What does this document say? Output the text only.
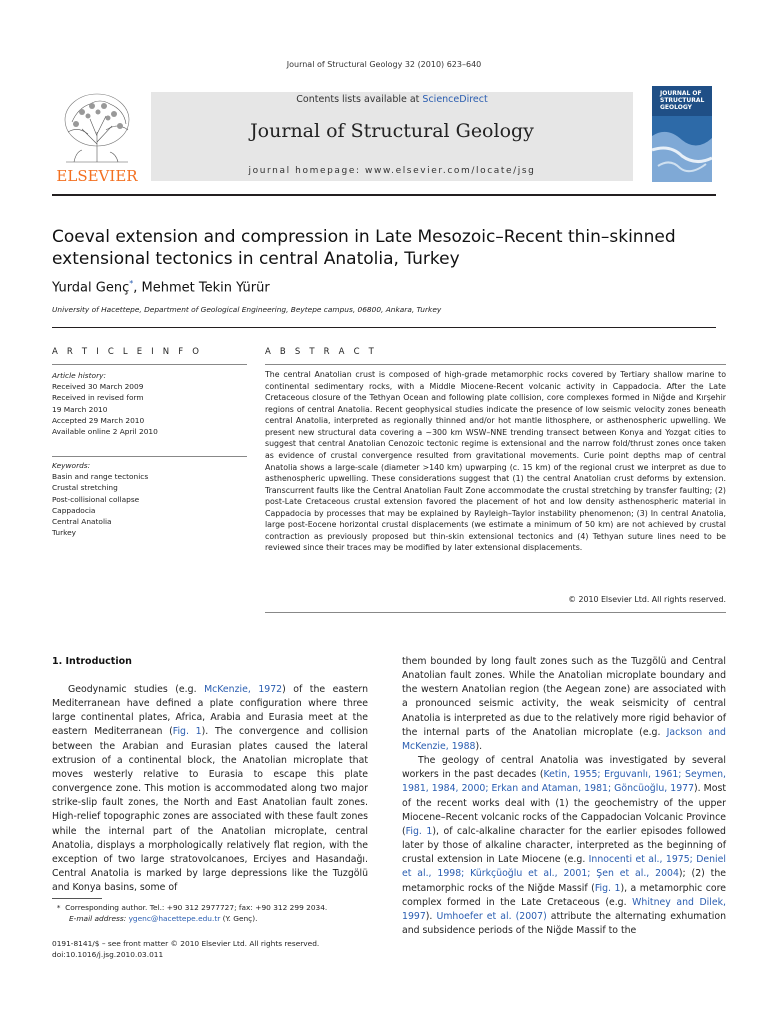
Journal of Structural Geology 32 (2010) 623–640
ELSEVIER
Contents lists available at ScienceDirect
Journal of Structural Geology
journal homepage: www.elsevier.com/locate/jsg
JOURNAL OF STRUCTURAL GEOLOGY
Coeval extension and compression in Late Mesozoic–Recent thin–skinned extensional tectonics in central Anatolia, Turkey
Yurdal Genç*, Mehmet Tekin Yürür
University of Hacettepe, Department of Geological Engineering, Beytepe campus, 06800, Ankara, Turkey
A R T I C L E I N F O
Article history:
Received 30 March 2009
Received in revised form
19 March 2010
Accepted 29 March 2010
Available online 2 April 2010
Keywords:
Basin and range tectonics
Crustal stretching
Post-collisional collapse
Cappadocia
Central Anatolia
Turkey
A B S T R A C T
The central Anatolian crust is composed of high-grade metamorphic rocks covered by Tertiary shallow marine to continental sedimentary rocks, with a Middle Miocene-Recent volcanic activity in Cappadocia. After the Late Cretaceous closure of the Tethyan Ocean and following plate collision, core complexes formed in Niğde and Kırşehir regions of central Anatolia. Recent geophysical studies indicate the presence of low seismic velocity zones beneath central Anatolia, interpreted as regionally thinned and/or hot mantle lithosphere, or asthenospheric upwelling. We present new structural data covering a ~300 km WSW–NNE trending transect between Konya and Yozgat cities to suggest that central Anatolian Cenozoic tectonic regime is extensional and the narrow fold/thrust zones once taken as evidence of crustal convergence resulted from gravitational movements. Curie point depths map of central Anatolia shows a large-scale (diameter >140 km) upwarping (c. 15 km) of the regional crust we interpret as due to asthenospheric upwelling. These considerations suggest that (1) the central Anatolian crust deforms by extension. Transcurrent faults like the Central Anatolian Fault Zone accommodate the crustal stretching by transfer faulting; (2) post-Late Cretaceous crustal extension favored the placement of hot and low density asthenospheric material in Cappadocia by processes that may be explained by Rayleigh–Taylor instability phenomenon; (3) In central Anatolia, large post-Eocene horizontal crustal displacements (we estimate a minimum of 50 km) are not achieved by crustal contraction as previously proposed but thin-skin extensional tectonics and (4) Tethyan suture lines need to be reviewed since their traces may be modified by later extensional displacements.
© 2010 Elsevier Ltd. All rights reserved.
1. Introduction
Geodynamic studies (e.g. McKenzie, 1972) of the eastern Mediterranean have defined a plate configuration where three large continental plates, Africa, Arabia and Eurasia meet at the eastern Mediterranean (Fig. 1). The convergence and collision between the Arabian and Eurasian plates caused the lateral extrusion of a continental block, the Anatolian microplate that moves westerly relative to Eurasia to escape this plate convergence zone. This motion is accommodated along two major strike-slip fault zones, the North and East Anatolian fault zones. High-relief topographic zones are associated with these fault zones while the internal part of the Anatolian microplate, central Anatolia, displays a morphologically relatively flat region, with the exception of two large stratovolcanoes, Erciyes and Hasandağı. Central Anatolia is marked by large depressions like the Tuzgölü and Konya basins, some of

them bounded by long fault zones such as the Tuzgölü and Central Anatolian fault zones. While the Anatolian microplate boundary and the western Anatolian region (the Aegean zone) are associated with a pronounced seismic activity, the weak seismicity of central Anatolia is interpreted as due to the relatively more rigid behavior of the internal parts of the Anatolian microplate (e.g. Jackson and McKenzie, 1988).

The geology of central Anatolia was investigated by several workers in the past decades (Ketin, 1955; Erguvanlı, 1961; Seymen, 1981, 1984, 2000; Erkan and Ataman, 1981; Göncüoğlu, 1977). Most of the recent works deal with (1) the geochemistry of the upper Miocene–Recent volcanic rocks of the Cappadocian Volcanic Province (Fig. 1), of calc-alkaline character for the earlier episodes followed later by those of alkaline character, interpreted as the beginning of crustal extension in Late Miocene (e.g. Innocenti et al., 1975; Deniel et al., 1998; Kürkçüoğlu et al., 2001; Şen et al., 2004); (2) the metamorphic rocks of the Niğde Massif (Fig. 1), a metamorphic core complex formed in the Late Cretaceous (e.g. Whitney and Dilek, 1997). Umhoefer et al. (2007) attribute the alternating exhumation and subsidence periods of the Niğde Massif to the

* Corresponding author. Tel.: +90 312 2977727; fax: +90 312 299 2034.
E-mail address: ygenc@hacettepe.edu.tr (Y. Genç).
0191-8141/$ – see front matter © 2010 Elsevier Ltd. All rights reserved.
doi:10.1016/j.jsg.2010.03.011
